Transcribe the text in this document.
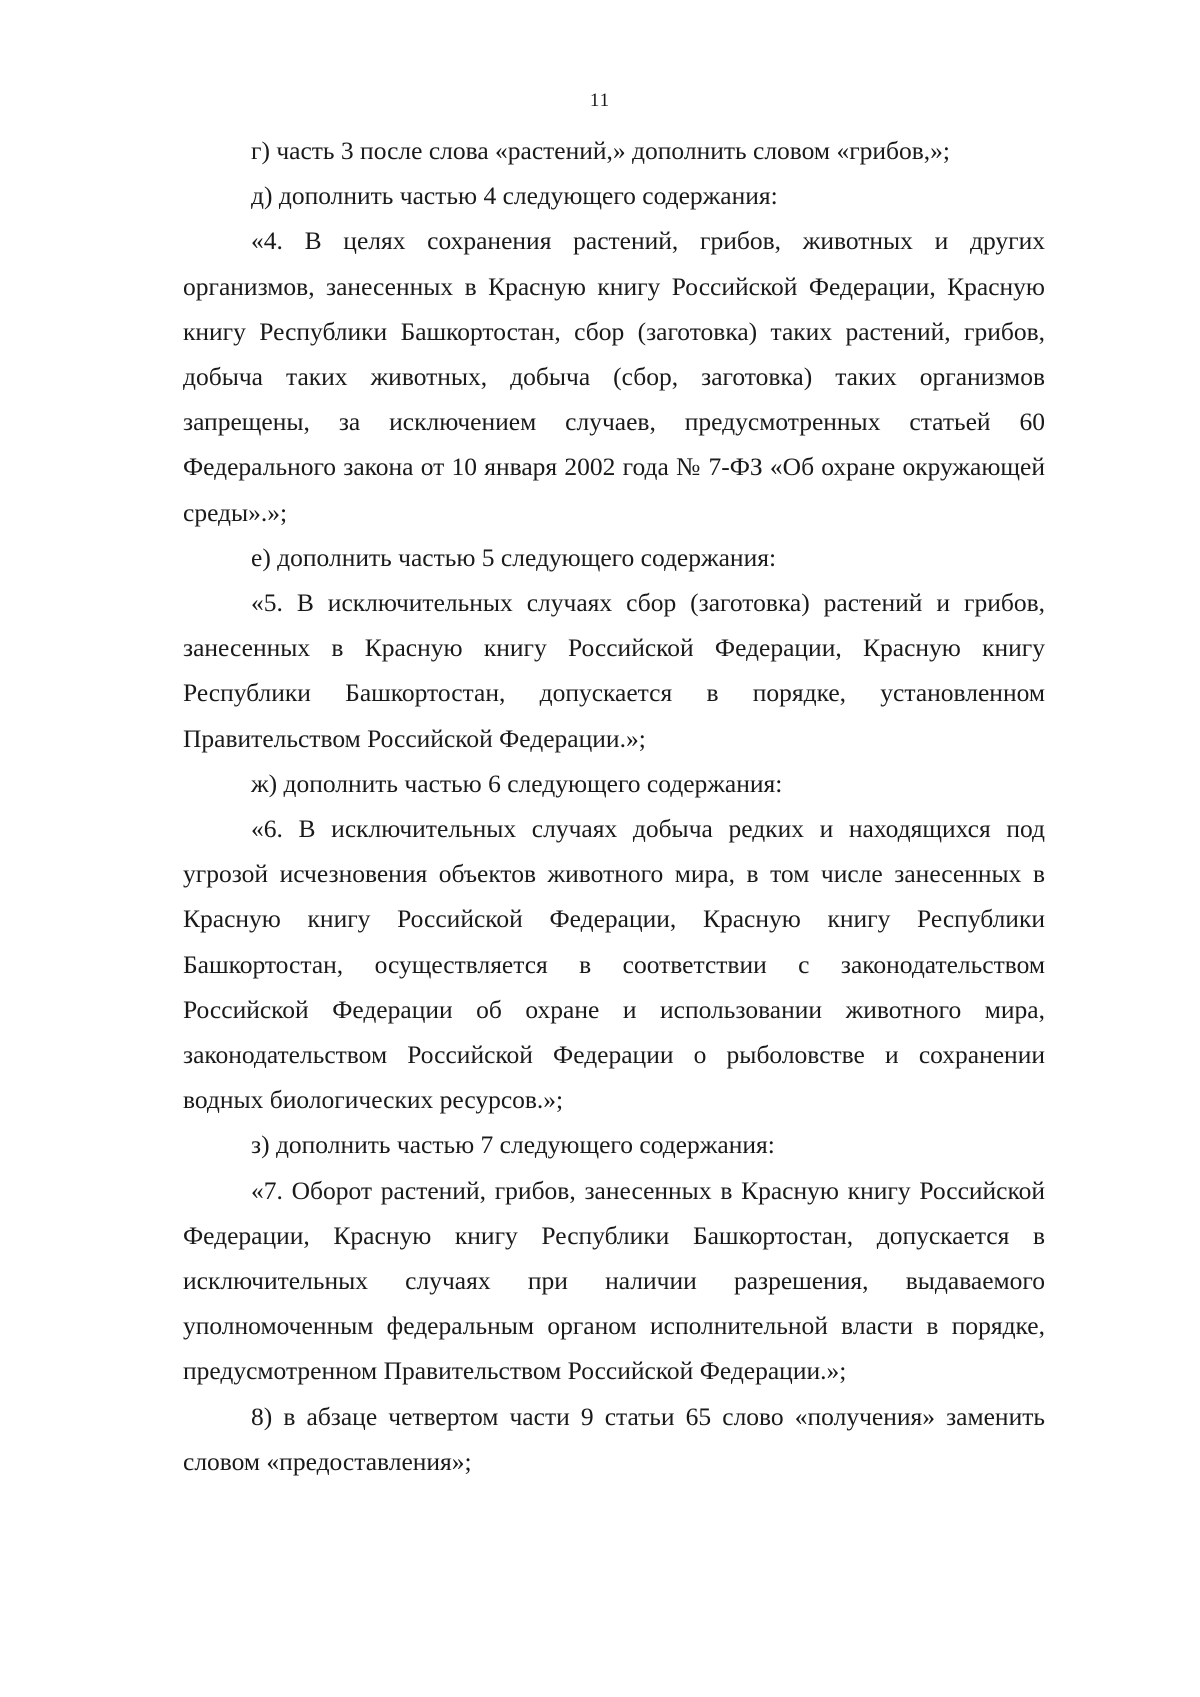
11

г) часть 3 после слова «растений,» дополнить словом «грибов,»;

д) дополнить частью 4 следующего содержания:

«4. В целях сохранения растений, грибов, животных и других организмов, занесенных в Красную книгу Российской Федерации, Красную книгу Республики Башкортостан, сбор (заготовка) таких растений, грибов, добыча таких животных, добыча (сбор, заготовка) таких организмов запрещены, за исключением случаев, предусмотренных статьей 60 Федерального закона от 10 января 2002 года № 7-ФЗ «Об охране окружающей среды».»;

е) дополнить частью 5 следующего содержания:

«5. В исключительных случаях сбор (заготовка) растений и грибов, занесенных в Красную книгу Российской Федерации, Красную книгу Республики Башкортостан, допускается в порядке, установленном Правительством Российской Федерации.»;

ж) дополнить частью 6 следующего содержания:

«6. В исключительных случаях добыча редких и находящихся под угрозой исчезновения объектов животного мира, в том числе занесенных в Красную книгу Российской Федерации, Красную книгу Республики Башкортостан, осуществляется в соответствии с законодательством Российской Федерации об охране и использовании животного мира, законодательством Российской Федерации о рыболовстве и сохранении водных биологических ресурсов.»;

з) дополнить частью 7 следующего содержания:

«7. Оборот растений, грибов, занесенных в Красную книгу Российской Федерации, Красную книгу Республики Башкортостан, допускается в исключительных случаях при наличии разрешения, выдаваемого уполномоченным федеральным органом исполнительной власти в порядке, предусмотренном Правительством Российской Федерации.»;

8) в абзаце четвертом части 9 статьи 65 слово «получения» заменить словом «предоставления»;
